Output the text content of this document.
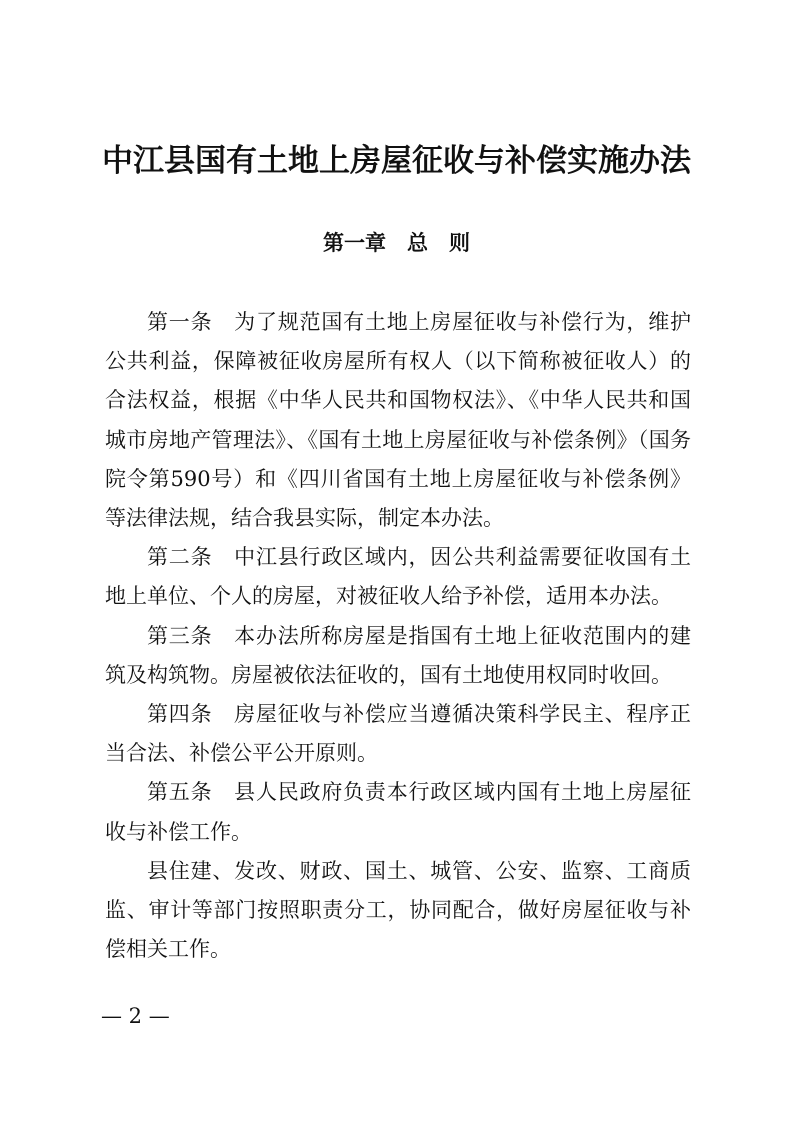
中江县国有土地上房屋征收与补偿实施办法
第一章　总　则

第一条　为了规范国有土地上房屋征收与补偿行为，维护公共利益，保障被征收房屋所有权人（以下简称被征收人）的合法权益，根据《中华人民共和国物权法》、《中华人民共和国城市房地产管理法》、《国有土地上房屋征收与补偿条例》（国务院令第590号）和《四川省国有土地上房屋征收与补偿条例》等法律法规，结合我县实际，制定本办法。

第二条　中江县行政区域内，因公共利益需要征收国有土地上单位、个人的房屋，对被征收人给予补偿，适用本办法。

第三条　本办法所称房屋是指国有土地上征收范围内的建筑及构筑物。房屋被依法征收的，国有土地使用权同时收回。

第四条　房屋征收与补偿应当遵循决策科学民主、程序正当合法、补偿公平公开原则。

第五条　县人民政府负责本行政区域内国有土地上房屋征收与补偿工作。

县住建、发改、财政、国土、城管、公安、监察、工商质监、审计等部门按照职责分工，协同配合，做好房屋征收与补偿相关工作。

— 2 —
